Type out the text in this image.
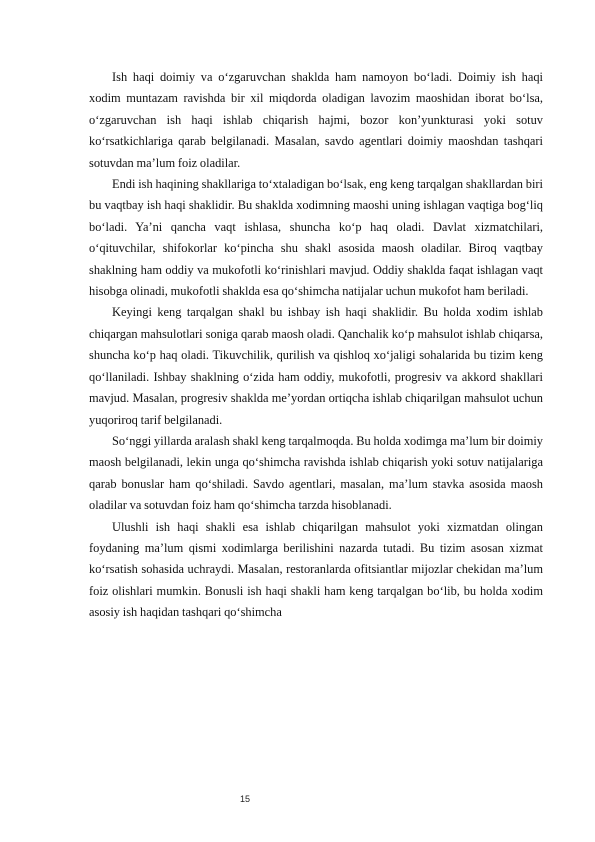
Ish haqi doimiy va o‘zgaruvchan shaklda ham namoyon bo‘ladi. Doimiy ish haqi xodim muntazam ravishda bir xil miqdorda oladigan lavozim maoshidan iborat bo‘lsa, o‘zgaruvchan ish haqi ishlab chiqarish hajmi, bozor kon’yunkturasi yoki sotuv ko‘rsatkichlariga qarab belgilanadi. Masalan, savdo agentlari doimiy maoshdan tashqari sotuvdan ma’lum foiz oladilar.

Endi ish haqining shakllariga to‘xtaladigan bo‘lsak, eng keng tarqalgan shakllardan biri bu vaqtbay ish haqi shaklidir. Bu shaklda xodimning maoshi uning ishlagan vaqtiga bog‘liq bo‘ladi. Ya’ni qancha vaqt ishlasa, shuncha ko‘p haq oladi. Davlat xizmatchilari, o‘qituvchilar, shifokorlar ko‘pincha shu shakl asosida maosh oladilar. Biroq vaqtbay shaklning ham oddiy va mukofotli ko‘rinishlari mavjud. Oddiy shaklda faqat ishlagan vaqt hisobga olinadi, mukofotli shaklda esa qo‘shimcha natijalar uchun mukofot ham beriladi.

Keyingi keng tarqalgan shakl bu ishbay ish haqi shaklidir. Bu holda xodim ishlab chiqargan mahsulotlari soniga qarab maosh oladi. Qanchalik ko‘p mahsulot ishlab chiqarsa, shuncha ko‘p haq oladi. Tikuvchilik, qurilish va qishloq xo‘jaligi sohalarida bu tizim keng qo‘llaniladi. Ishbay shaklning o‘zida ham oddiy, mukofotli, progresiv va akkord shakllari mavjud. Masalan, progresiv shaklda me’yordan ortiqcha ishlab chiqarilgan mahsulot uchun yuqoriroq tarif belgilanadi.

So‘nggi yillarda aralash shakl keng tarqalmoqda. Bu holda xodimga ma’lum bir doimiy maosh belgilanadi, lekin unga qo‘shimcha ravishda ishlab chiqarish yoki sotuv natijalariga qarab bonuslar ham qo‘shiladi. Savdo agentlari, masalan, ma’lum stavka asosida maosh oladilar va sotuvdan foiz ham qo‘shimcha tarzda hisoblanadi.

Ulushli ish haqi shakli esa ishlab chiqarilgan mahsulot yoki xizmatdan olingan foydaning ma’lum qismi xodimlarga berilishini nazarda tutadi. Bu tizim asosan xizmat ko‘rsatish sohasida uchraydi. Masalan, restoranlarda ofitsiantlar mijozlar chekidan ma’lum foiz olishlari mumkin. Bonusli ish haqi shakli ham keng tarqalgan bo‘lib, bu holda xodim asosiy ish haqidan tashqari qo‘shimcha

15
